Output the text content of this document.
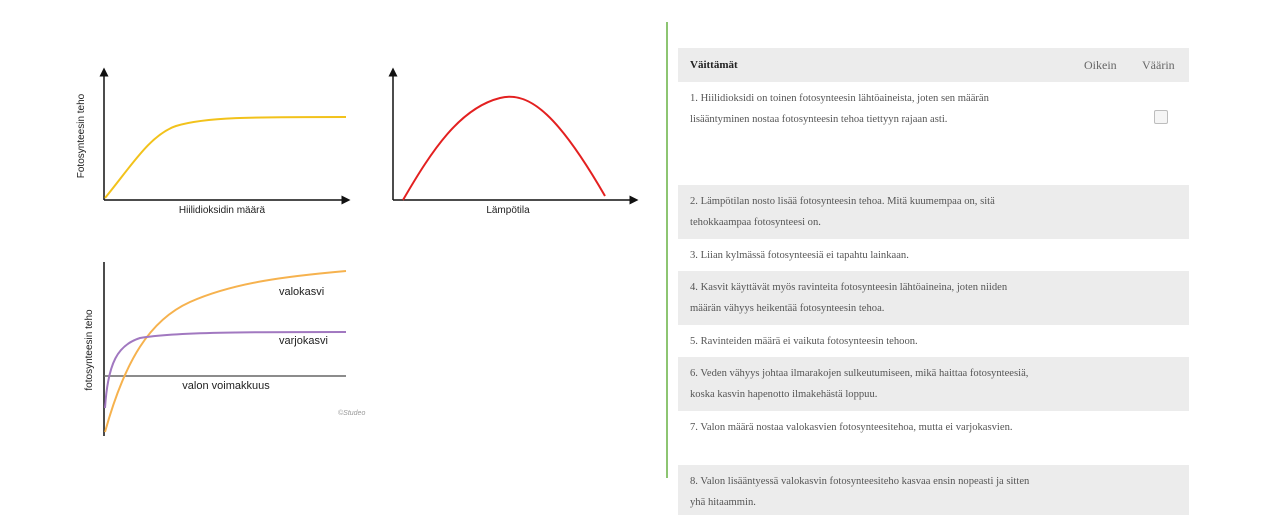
Fotosynteesin teho
Hiilidioksidin määrä	Lämpötila
valokasvi
varjokasvi
fotosynteesin teho	valon voimakkuus
©Studeo
Väittämät	Oikein Väärin
1. Hiilidioksidi on toinen fotosynteesin lähtöaineista, joten sen määrän lisääntyminen nostaa fotosynteesin tehoa tiettyyn rajaan asti.
2. Lämpötilan nosto lisää fotosynteesin tehoa. Mitä kuumempaa on, sitä tehokkaampaa fotosynteesi on.
3. Liian kylmässä fotosynteesiä ei tapahtu lainkaan.
4. Kasvit käyttävät myös ravinteita fotosynteesin lähtöaineina, joten niiden määrän vähyys heikentää fotosynteesin tehoa.
5. Ravinteiden määrä ei vaikuta fotosynteesin tehoon.
6. Veden vähyys johtaa ilmarakojen sulkeutumiseen, mikä haittaa fotosynteesiä, koska kasvin hapenotto ilmakehästä loppuu.
7. Valon määrä nostaa valokasvien fotosynteesitehoa, mutta ei varjokasvien.
8. Valon lisääntyessä valokasvin fotosynteesiteho kasvaa ensin nopeasti ja sitten yhä hitaammin.
